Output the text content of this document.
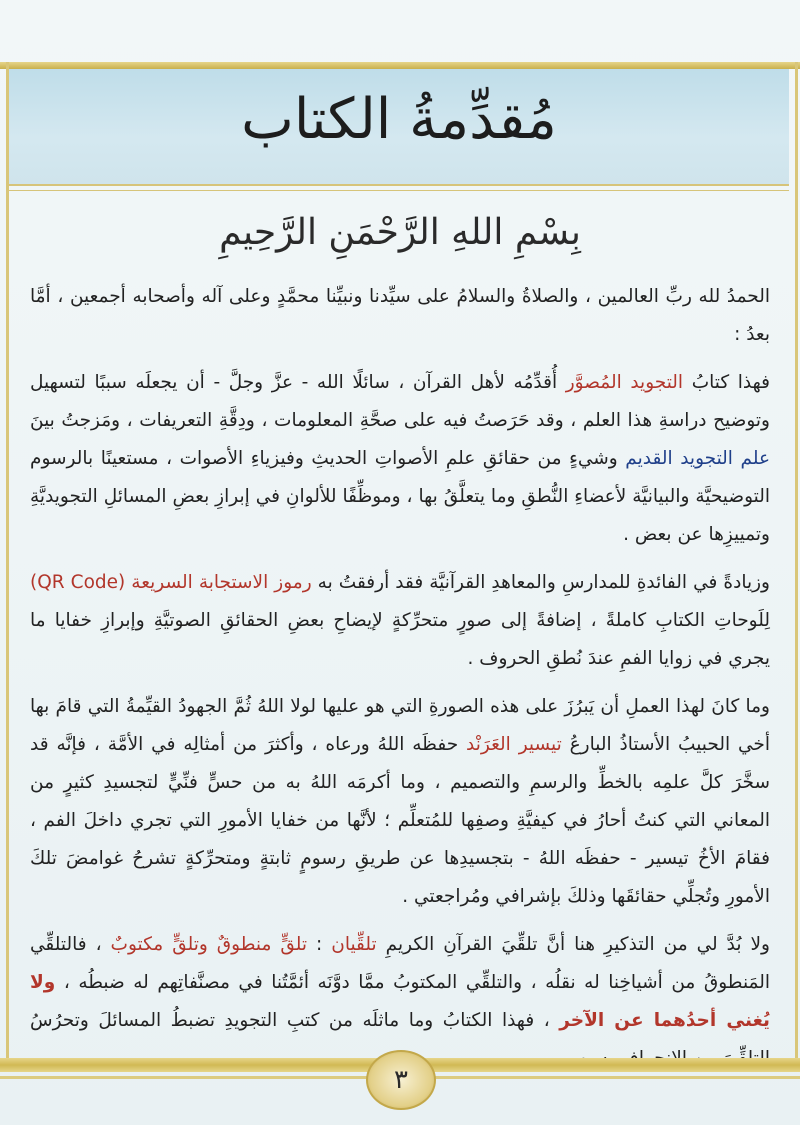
مُقدِّمةُ الكتاب
بِسْمِ اللهِ الرَّحْمَنِ الرَّحِيمِ

الحمدُ لله ربِّ العالمين ، والصلاةُ والسلامُ على سيِّدنا ونبيِّنا محمَّدٍ وعلى آله وأصحابه أجمعين ، أمَّا بعدُ :

فهذا كتابُ التجويد المُصوَّر أُقدِّمُه لأهل القرآن ، سائلًا الله - عزَّ وجلَّ - أن يجعلَه سببًا لتسهيل وتوضيح دراسةِ هذا العلم ، وقد حَرَصتُ فيه على صحَّةِ المعلومات ، ودِقَّةِ التعريفات ، ومَزجتُ بينَ علم التجويد القديم وشيءٍ من حقائقِ علمِ الأصواتِ الحديثِ وفيزياءِ الأصوات ، مستعينًا بالرسوم التوضيحيَّة والبيانيَّة لأعضاءِ النُّطقِ وما يتعلَّقُ بها ، وموظِّفًا للألوانِ في إبرازِ بعضِ المسائلِ التجويديَّةِ وتمييزِها عن بعض .

وزيادةً في الفائدةِ للمدارسِ والمعاهدِ القرآنيَّة فقد أرفقتُ به رموز الاستجابة السريعة (QR Code) لِلَوحاتِ الكتابِ كاملةً ، إضافةً إلى صورٍ متحرِّكةٍ لإيضاحِ بعضِ الحقائقِ الصوتيَّةِ وإبرازِ خفايا ما يجري في زوايا الفمِ عندَ نُطقِ الحروف .

وما كانَ لهذا العملِ أن يَبرُزَ على هذه الصورةِ التي هو عليها لولا اللهُ ثُمَّ الجهودُ القيِّمةُ التي قامَ بها أخي الحبيبُ الأستاذُ البارعُ تيسير العَرَنْد حفظَه اللهُ ورعاه ، وأكثرَ من أمثالِه في الأمَّة ، فإنَّه قد سخَّرَ كلَّ علمِه بالخطِّ والرسمِ والتصميم ، وما أكرمَه اللهُ به من حسٍّ فنِّيٍّ لتجسيدِ كثيرٍ من المعاني التي كنتُ أحارُ في كيفيَّةِ وصفِها للمُتعلِّم ؛ لأنَّها من خفايا الأمورِ التي تجري داخلَ الفم ، فقامَ الأخُ تيسير - حفظَه اللهُ - بتجسيدِها عن طريقِ رسومٍ ثابتةٍ ومتحرِّكةٍ تشرحُ غوامضَ تلكَ الأمورِ وتُجلِّي حقائقَها وذلكَ بإشرافي ومُراجعتي .

ولا بُدَّ لي من التذكيرِ هنا أنَّ تلقِّيَ القرآنِ الكريمِ تلقِّيان : تلقٍّ منطوقٌ وتلقٍّ مكتوبٌ ، فالتلقِّي المَنطوقُ من أشياخِنا له نقلُه ، والتلقِّي المكتوبُ ممَّا دوَّنَه أئمَّتُنا في مصنَّفاتِهم له ضبطُه ، ولا يُغني أحدُهما عن الآخر ، فهذا الكتابُ وما ماثلَه من كتبِ التجويدِ تضبطُ المسائلَ وتحرُسُ

٣
